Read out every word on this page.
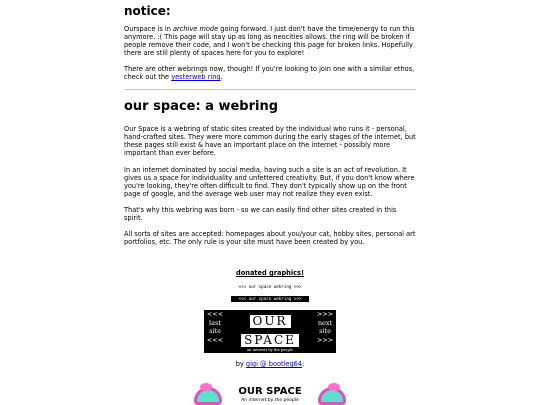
notice:

Ourspace is in archive mode going forward. I just don't have the time/energy to run this anymore. :( This page will stay up as long as neocities allows. the ring will be broken if people remove their code, and I won't be checking this page for broken links. Hopefully there are still plenty of spaces here for you to explore!

There are other webrings now, though! If you're looking to join one with a similar ethos, check out the yesterweb ring.

our space: a webring

Our Space is a webring of static sites created by the individual who runs it - personal, hand-crafted sites. They were more common during the early stages of the internet, but these pages still exist & have an important place on the internet - possibly more important than ever before.

In an internet dominated by social media, having such a site is an act of revolution. It gives us a space for individuality and unfettered creativity. But, if you don't know where you're looking, they're often difficult to find. They don't typically show up on the front page of google, and the average web user may not realize they even exist.

That's why this webring was born - so we can easily find other sites created in this spirit.

All sorts of sites are accepted: homepages about you/your cat, hobby sites, personal art portfolios, etc. The only rule is your site must have been created by you.

donated graphics!
<<< our space webring >>>
<<< our space webring >>>
<<<
last
site
<<<
OUR
SPACE
an internet by the people
>>>
next
site
>>>
by gigi @ bootleg64:
OUR SPACE
An internet by the people
